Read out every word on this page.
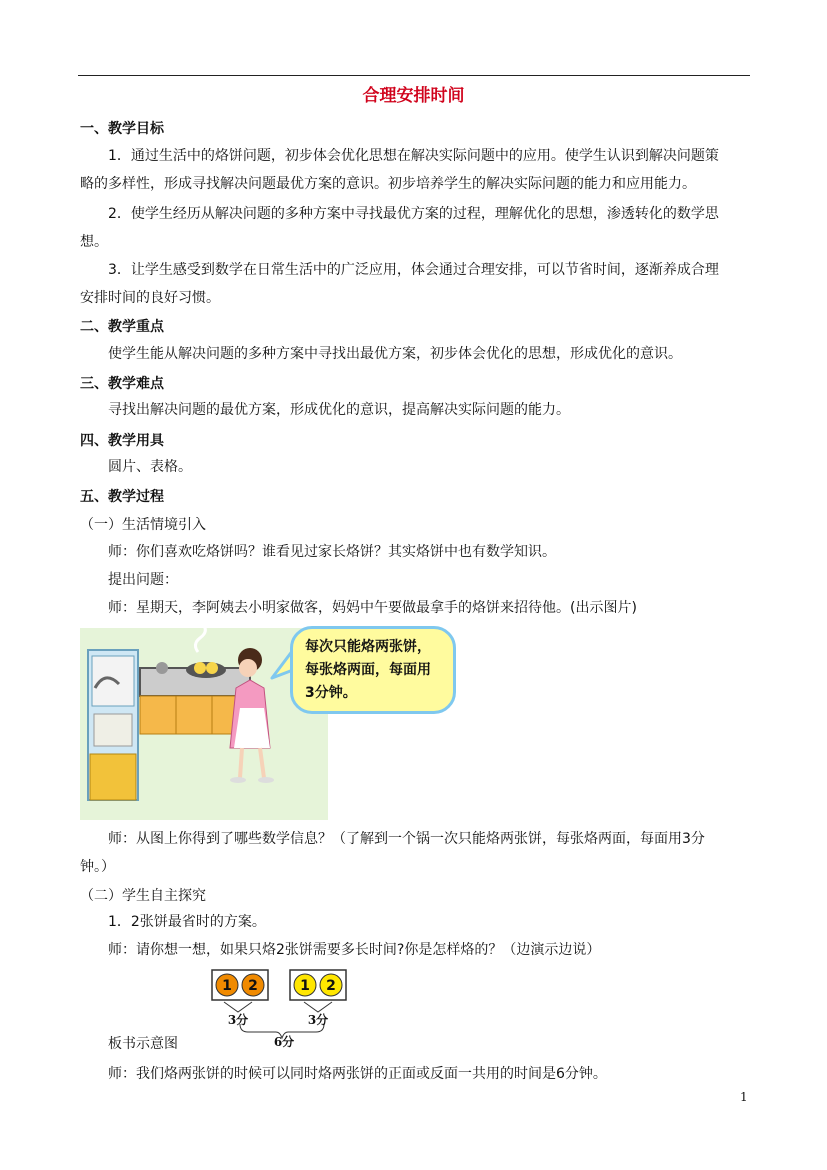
合理安排时间
一、教学目标
1．通过生活中的烙饼问题，初步体会优化思想在解决实际问题中的应用。使学生认识到解决问题策
略的多样性，形成寻找解决问题最优方案的意识。初步培养学生的解决实际问题的能力和应用能力。
2．使学生经历从解决问题的多种方案中寻找最优方案的过程，理解优化的思想，渗透转化的数学思
想。
3．让学生感受到数学在日常生活中的广泛应用，体会通过合理安排，可以节省时间，逐渐养成合理
安排时间的良好习惯。
二、教学重点
使学生能从解决问题的多种方案中寻找出最优方案，初步体会优化的思想，形成优化的意识。
三、教学难点
寻找出解决问题的最优方案，形成优化的意识，提高解决实际问题的能力。
四、教学用具
圆片、表格。
五、教学过程
（一）生活情境引入
师：你们喜欢吃烙饼吗？谁看见过家长烙饼？其实烙饼中也有数学知识。
提出问题：
师：星期天，李阿姨去小明家做客，妈妈中午要做最拿手的烙饼来招待他。(出示图片)
每次只能烙两张饼，
每张烙两面，每面用
3分钟。
师：从图上你得到了哪些数学信息？（了解到一个锅一次只能烙两张饼，每张烙两面，每面用3分
钟。）
（二）学生自主探究
1．2张饼最省时的方案。
师：请你想一想，如果只烙2张饼需要多长时间?你是怎样烙的？（边演示边说）
3分	3分
6分
1 2	1 2
板书示意图
师：我们烙两张饼的时候可以同时烙两张饼的正面或反面一共用的时间是6分钟。
1
